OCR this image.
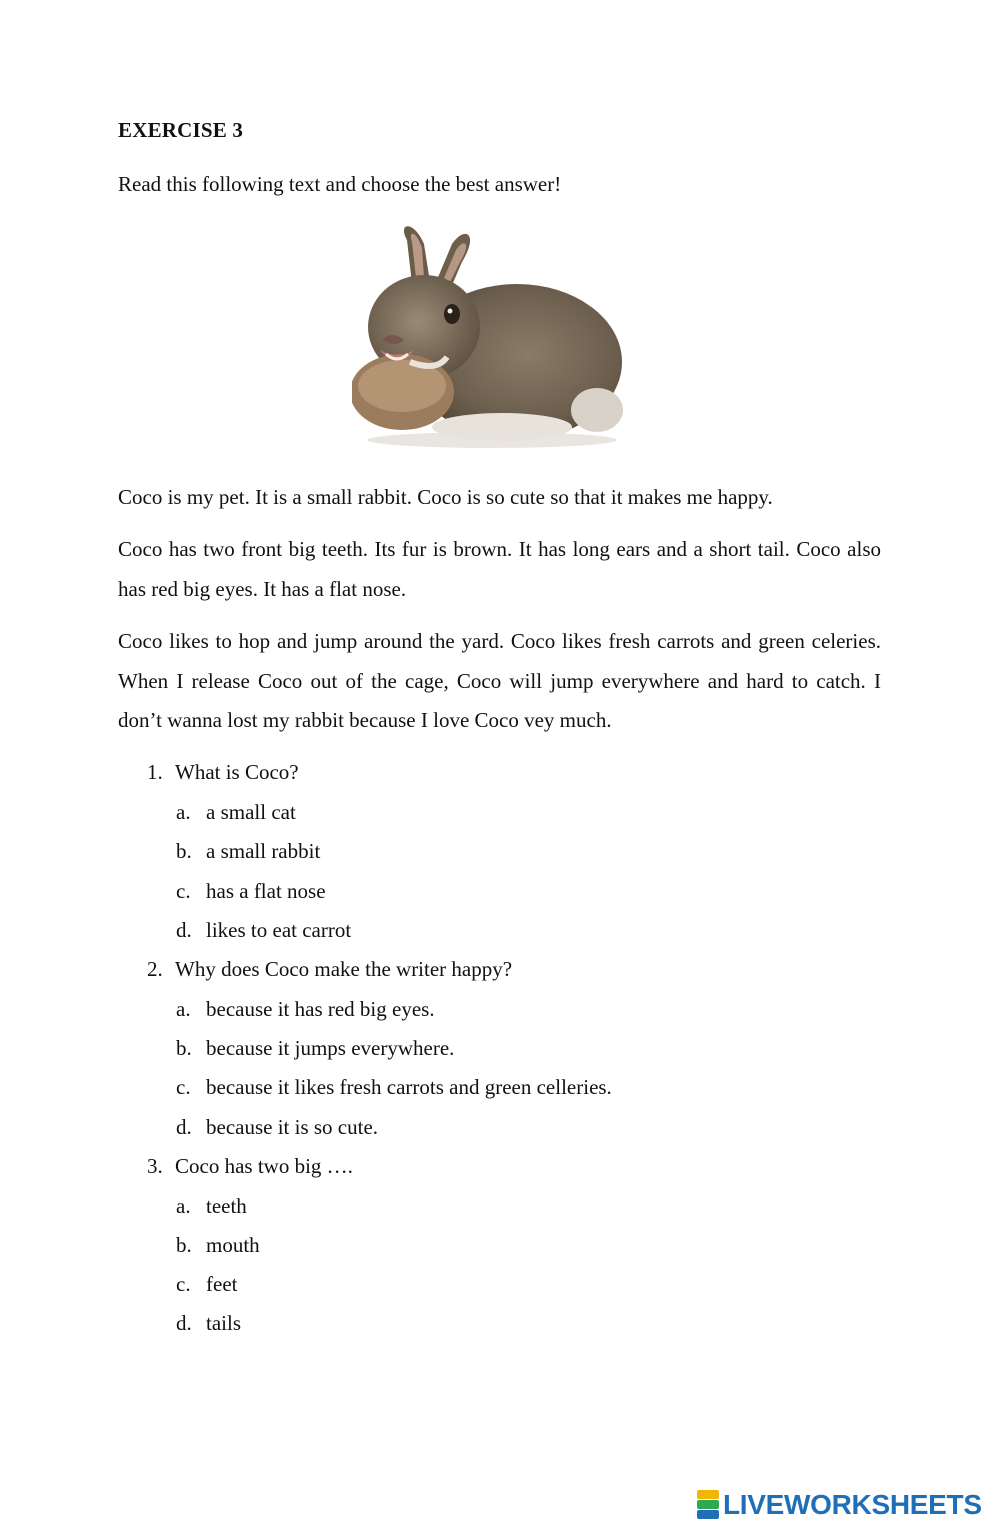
EXERCISE 3
Read this following text and choose the best answer!
Coco is my pet. It is a small rabbit. Coco is so cute so that it makes me happy.
Coco has two front big teeth. Its fur is brown. It has long ears and a short tail. Coco also has red big eyes. It has a flat nose.
Coco likes to hop and jump around the yard. Coco likes fresh carrots and green celeries. When I release Coco out of the cage, Coco will jump everywhere and hard to catch. I don’t wanna lost my rabbit because I love Coco vey much.
1. What is Coco?
a. a small cat
b. a small rabbit
c. has a flat nose
d. likes to eat carrot
2. Why does Coco make the writer happy?
a. because it has red big eyes.
b. because it jumps everywhere.
c. because it likes fresh carrots and green celleries.
d. because it is so cute.
3. Coco has two big ….
a. teeth
b. mouth
c. feet
d. tails
LIVEWORKSHEETS
